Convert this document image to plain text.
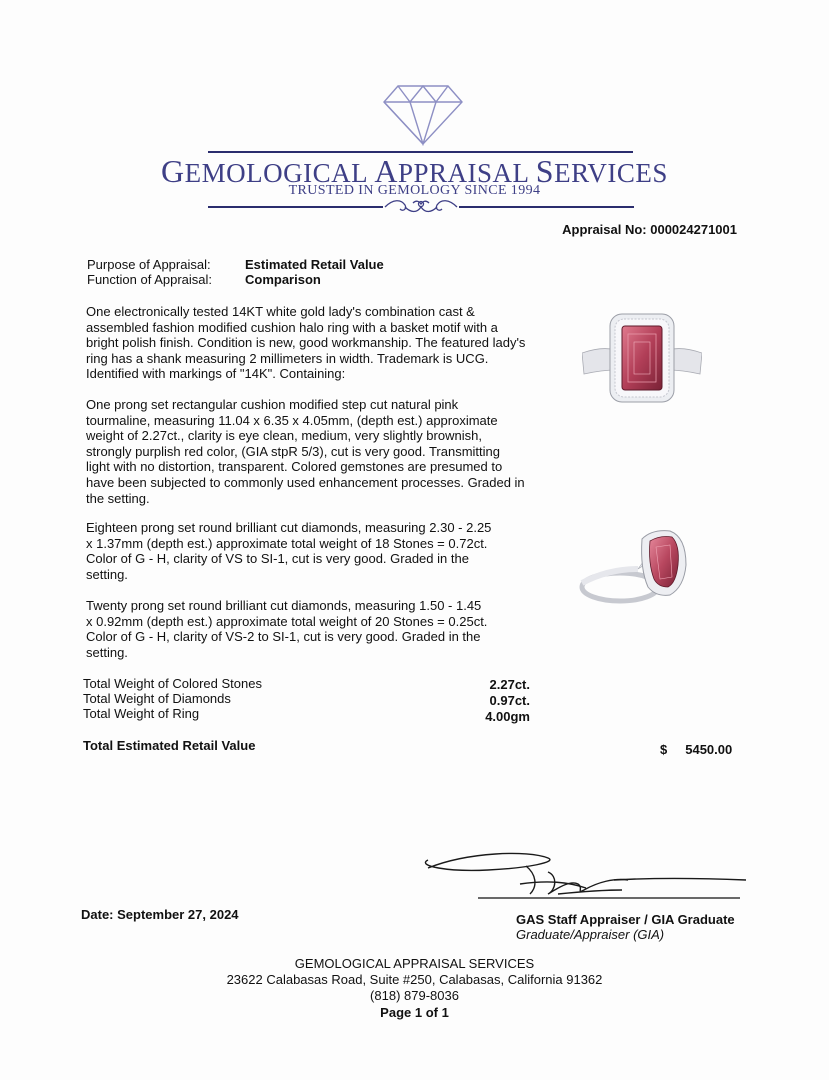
GEMOLOGICAL APPRAISAL SERVICES
TRUSTED IN GEMOLOGY SINCE 1994
Appraisal No: 000024271001
Purpose of Appraisal:	Estimated Retail Value
Function of Appraisal:	Comparison

One electronically tested 14KT white gold lady's combination cast & assembled fashion modified cushion halo ring with a basket motif with a bright polish finish. Condition is new, good workmanship. The featured lady's ring has a shank measuring 2 millimeters in width. Trademark is UCG. Identified with markings of "14K". Containing:

One prong set rectangular cushion modified step cut natural pink tourmaline, measuring 11.04 x 6.35 x 4.05mm, (depth est.) approximate weight of 2.27ct., clarity is eye clean, medium, very slightly brownish, strongly purplish red color, (GIA stpR 5/3), cut is very good. Transmitting light with no distortion, transparent. Colored gemstones are presumed to have been subjected to commonly used enhancement processes. Graded in the setting.

Eighteen prong set round brilliant cut diamonds, measuring 2.30 - 2.25 x 1.37mm (depth est.) approximate total weight of 18 Stones = 0.72ct. Color of G - H, clarity of VS to SI-1, cut is very good. Graded in the setting.

Twenty prong set round brilliant cut diamonds, measuring 1.50 - 1.45 x 0.92mm (depth est.) approximate total weight of 20 Stones = 0.25ct. Color of G - H, clarity of VS-2 to SI-1, cut is very good. Graded in the setting.

Total Weight of Colored Stones	2.27ct.
Total Weight of Diamonds	0.97ct.
Total Weight of Ring	4.00gm
Total Estimated Retail Value	$ 5450.00
Date: September 27, 2024	GAS Staff Appraiser / GIA Graduate
Graduate/Appraiser (GIA)
GEMOLOGICAL APPRAISAL SERVICES
23622 Calabasas Road, Suite #250, Calabasas, California 91362
(818) 879-8036
Page 1 of 1
